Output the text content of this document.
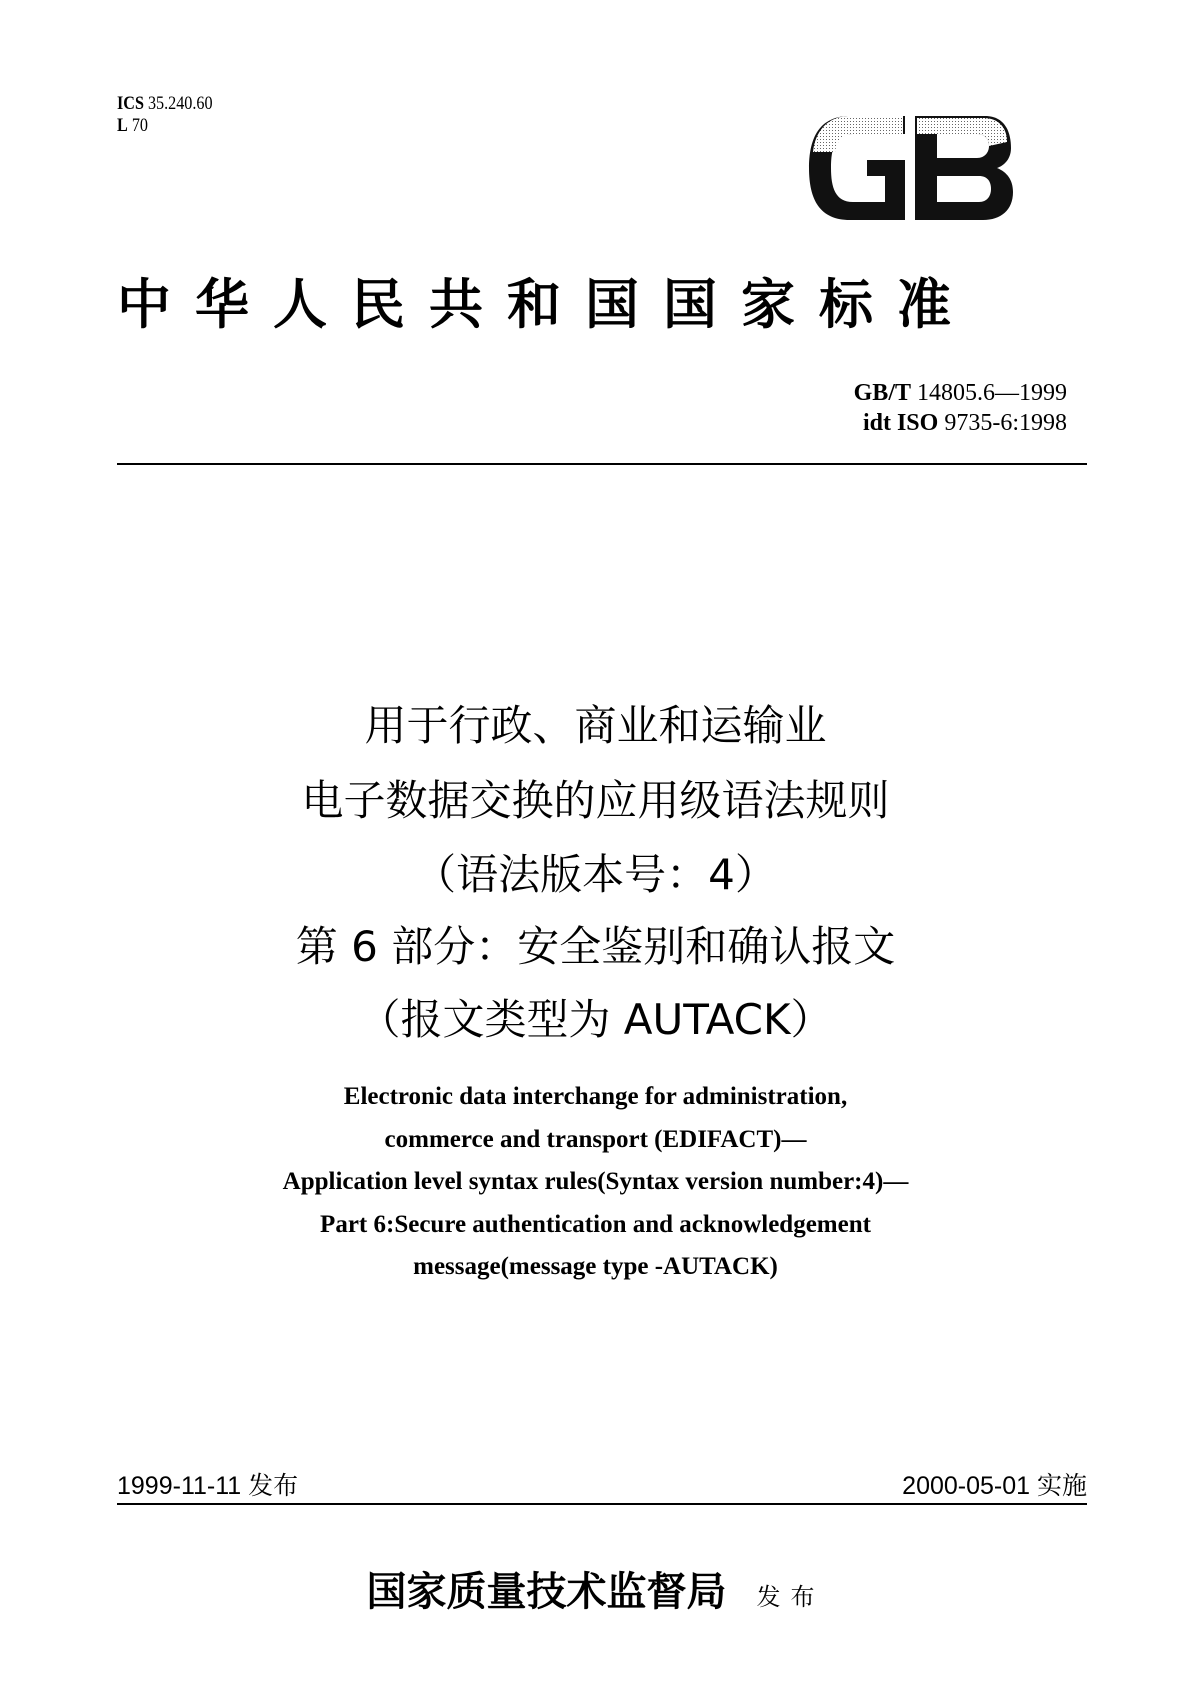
ICS 35.240.60
L 70
中华人民共和国国家标准
GB/T 14805.6—1999
idt ISO 9735-6:1998
用于行政、商业和运输业
电子数据交换的应用级语法规则
（语法版本号：4）
第 6 部分：安全鉴别和确认报文
（报文类型为 AUTACK）
Electronic data interchange for administration,
commerce and transport (EDIFACT)—
Application level syntax rules(Syntax version number:4)—
Part 6:Secure authentication and acknowledgement
message(message type -AUTACK)
1999-11-11 发布	2000-05-01 实施
国家质量技术监督局 发布
